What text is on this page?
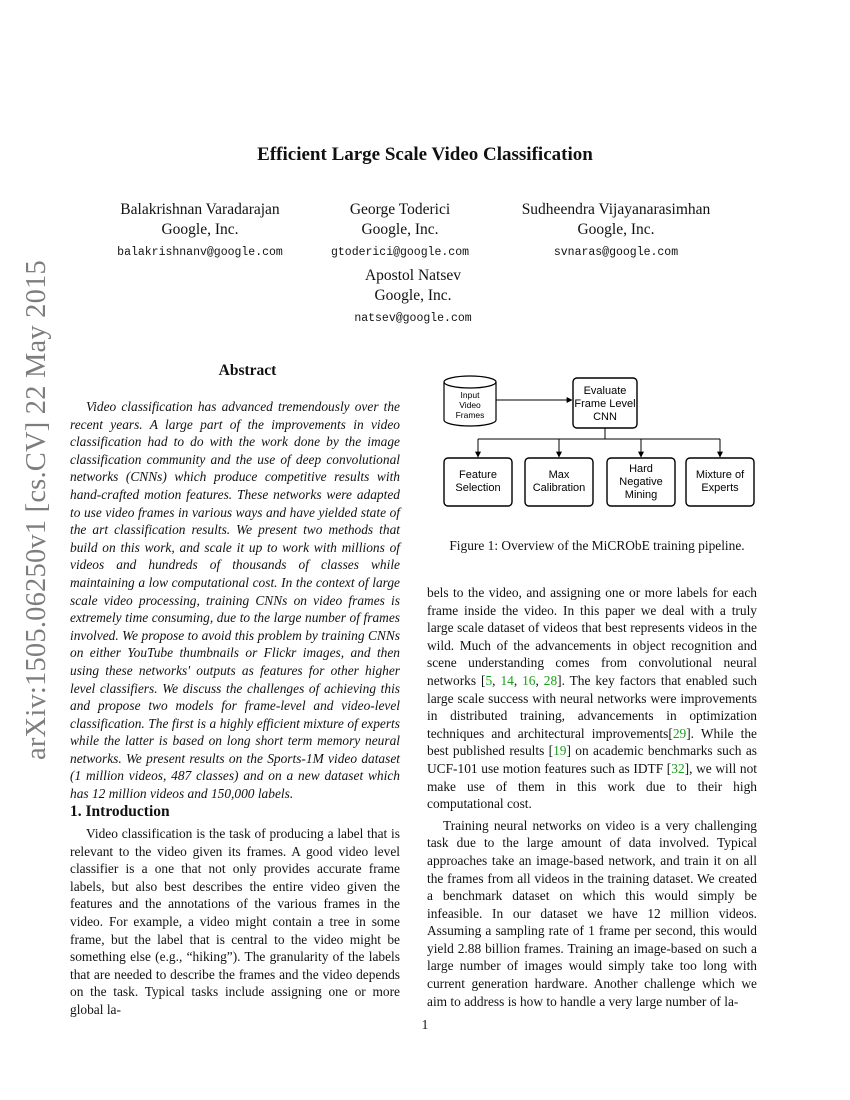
arXiv:1505.06250v1 [cs.CV] 22 May 2015
Efficient Large Scale Video Classification
Balakrishnan Varadarajan
Google, Inc.
balakrishnanv@google.com
George Toderici
Google, Inc.
gtoderici@google.com
Sudheendra Vijayanarasimhan
Google, Inc.
svnaras@google.com
Apostol Natsev
Google, Inc.
natsev@google.com
Abstract

Video classification has advanced tremendously over the recent years. A large part of the improvements in video classification had to do with the work done by the image classification community and the use of deep convolutional networks (CNNs) which produce competitive results with hand-crafted motion features. These networks were adapted to use video frames in various ways and have yielded state of the art classification results. We present two methods that build on this work, and scale it up to work with millions of videos and hundreds of thousands of classes while maintaining a low computational cost. In the context of large scale video processing, training CNNs on video frames is extremely time consuming, due to the large number of frames involved. We propose to avoid this problem by training CNNs on either YouTube thumbnails or Flickr images, and then using these networks' outputs as features for other higher level classifiers. We discuss the challenges of achieving this and propose two models for frame-level and video-level classification. The first is a highly efficient mixture of experts while the latter is based on long short term memory neural networks. We present results on the Sports-1M video dataset (1 million videos, 487 classes) and on a new dataset which has 12 million videos and 150,000 labels.

1. Introduction

Video classification is the task of producing a label that is relevant to the video given its frames. A good video level classifier is a one that not only provides accurate frame labels, but also best describes the entire video given the features and the annotations of the various frames in the video. For example, a video might contain a tree in some frame, but the label that is central to the video might be something else (e.g., “hiking”). The granularity of the labels that are needed to describe the frames and the video depends on the task. Typical tasks include assigning one or more global la-

Input
Video
Frames
Evaluate
Frame Level
CNN
Feature
Selection
Max
Calibration
Hard
Negative
Mining
Mixture of
Experts
Figure 1: Overview of the MiCRObE training pipeline.

bels to the video, and assigning one or more labels for each frame inside the video. In this paper we deal with a truly large scale dataset of videos that best represents videos in the wild. Much of the advancements in object recognition and scene understanding comes from convolutional neural networks [5, 14, 16, 28]. The key factors that enabled such large scale success with neural networks were improvements in distributed training, advancements in optimization techniques and architectural improvements[29]. While the best published results [19] on academic benchmarks such as UCF-101 use motion features such as IDTF [32], we will not make use of them in this work due to their high computational cost.

Training neural networks on video is a very challenging task due to the large amount of data involved. Typical approaches take an image-based network, and train it on all the frames from all videos in the training dataset. We created a benchmark dataset on which this would simply be infeasible. In our dataset we have 12 million videos. Assuming a sampling rate of 1 frame per second, this would yield 2.88 billion frames. Training an image-based on such a large number of images would simply take too long with current generation hardware. Another challenge which we aim to address is how to handle a very large number of la-

1
